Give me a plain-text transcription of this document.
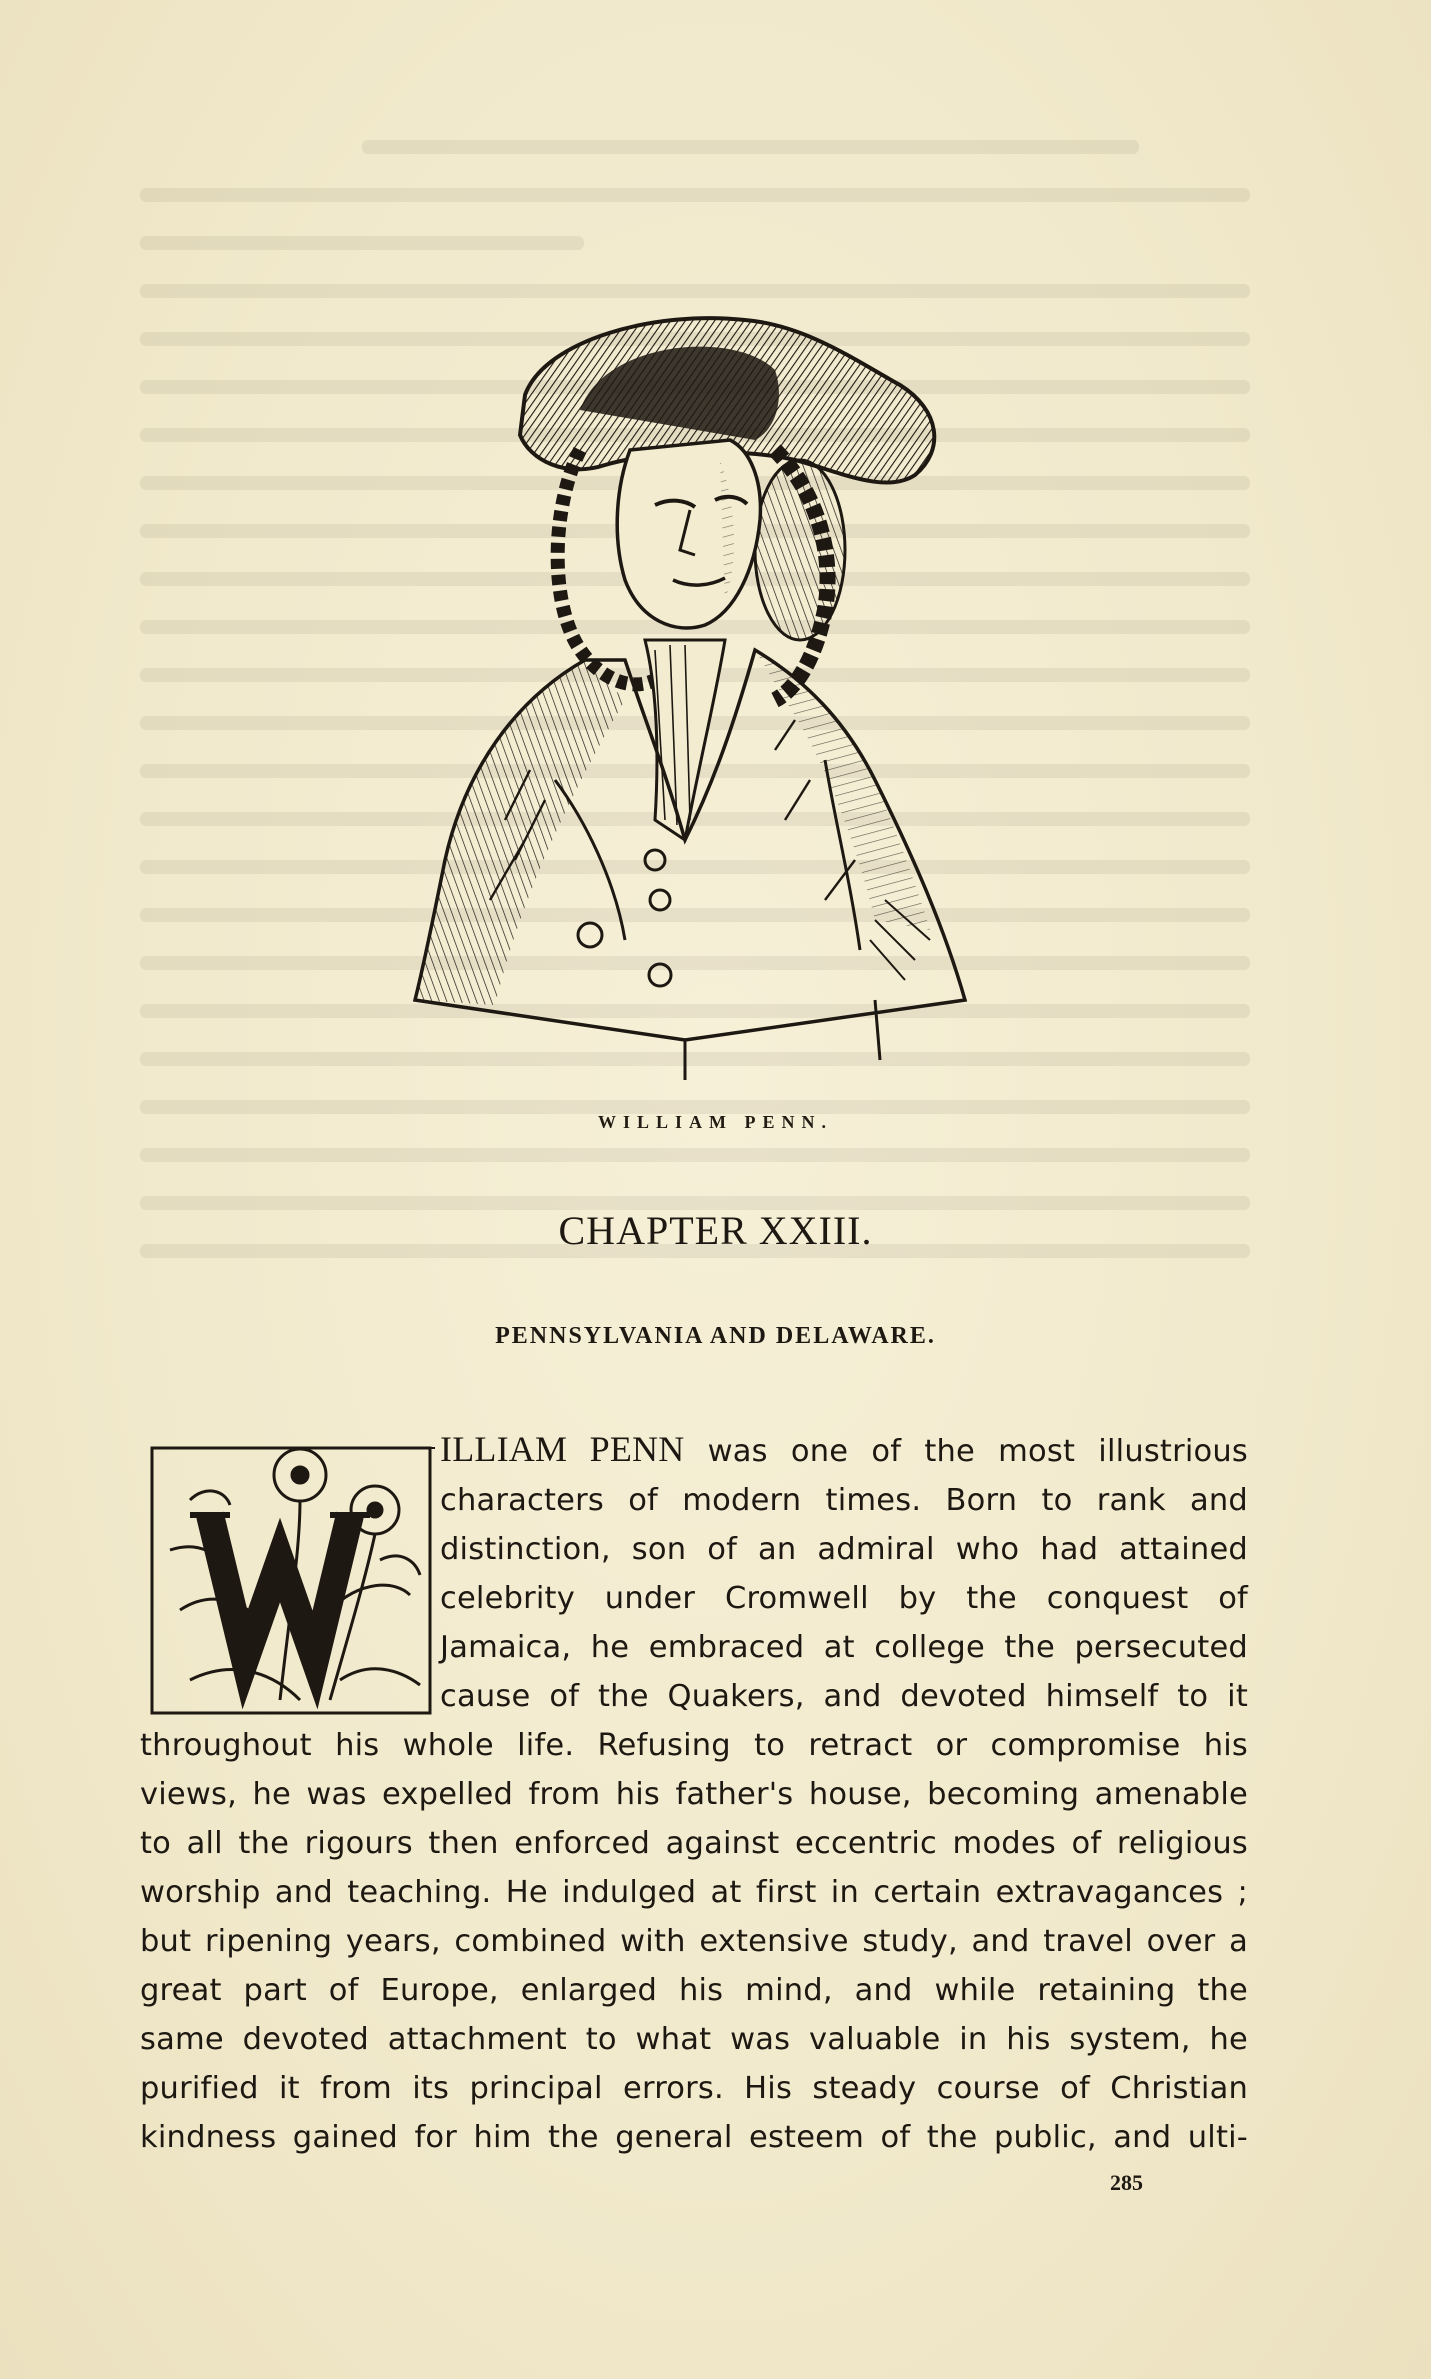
WILLIAM PENN.
CHAPTER XXIII.
PENNSYLVANIA AND DELAWARE.
ILLIAM PENN was one of the most illustrious
characters of modern times. Born to rank and
distinction, son of an admiral who had attained
celebrity under Cromwell by the conquest of
Jamaica, he embraced at college the persecuted
cause of the Quakers, and devoted himself to it
throughout his whole life. Refusing to retract or compromise his
views, he was expelled from his father's house, becoming amenable
to all the rigours then enforced against eccentric modes of religious
worship and teaching. He indulged at first in certain extravagances ;
but ripening years, combined with extensive study, and travel over a
great part of Europe, enlarged his mind, and while retaining the
same devoted attachment to what was valuable in his system, he
purified it from its principal errors. His steady course of Christian
kindness gained for him the general esteem of the public, and ulti-
285
